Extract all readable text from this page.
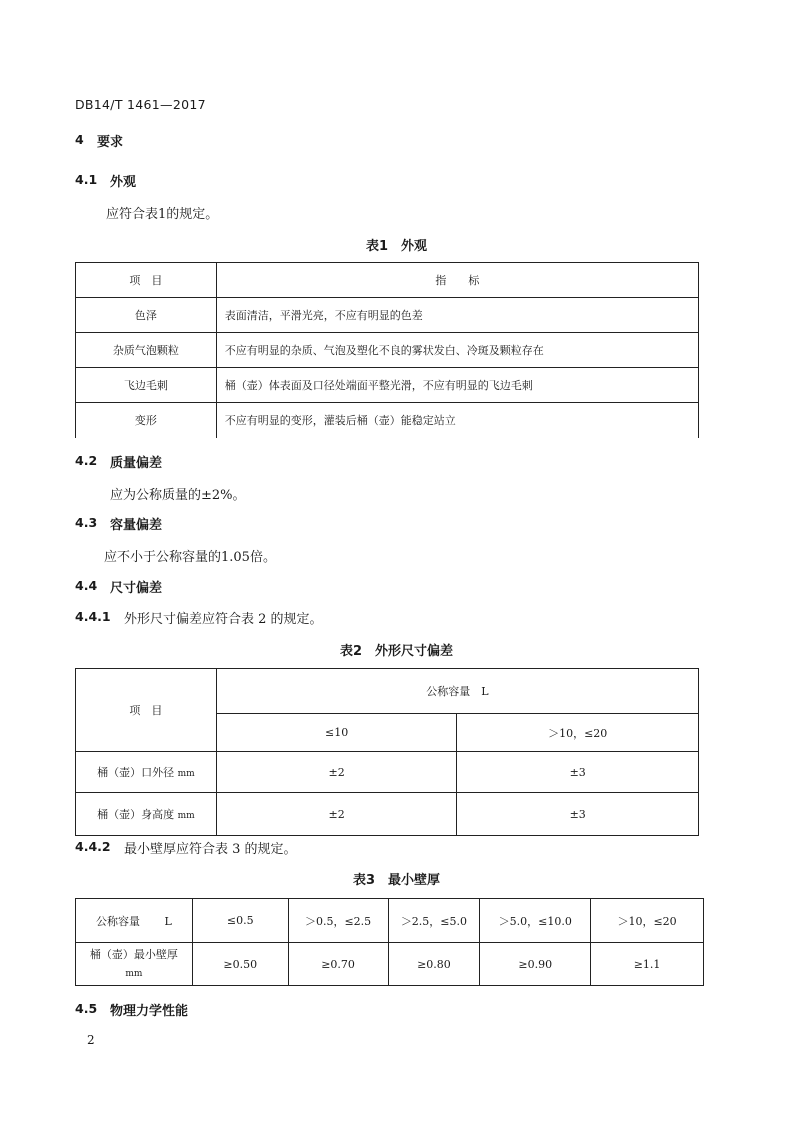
DB14/T 1461—2017
4 要求
4.1 外观
应符合表1的规定。
表1　外观
项　目	指　　标
色泽	表面清洁，平滑光亮，不应有明显的色差
杂质气泡颗粒	不应有明显的杂质、气泡及塑化不良的雾状发白、冷斑及颗粒存在
飞边毛刺	桶（壶）体表面及口径处端面平整光滑，不应有明显的飞边毛刺
变形	不应有明显的变形，灌装后桶（壶）能稳定站立
4.2 质量偏差
应为公称质量的±2%。
4.3 容量偏差
应不小于公称容量的1.05倍。
4.4 尺寸偏差
4.4.1 外形尺寸偏差应符合表 2 的规定。
表2　外形尺寸偏差
项　目	公称容量　L	
	≤10	＞10，≤20
桶（壶）口外径 mm	±2	±3
桶（壶）身高度 mm	±2	±3
4.4.2 最小壁厚应符合表 3 的规定。
表3　最小壁厚
公称容量 L	≤0.5	＞0.5，≤2.5	＞2.5，≤5.0	＞5.0，≤10.0	＞10，≤20
桶（壶）最小壁厚
mm	≥0.50	≥0.70	≥0.80	≥0.90	≥1.1
4.5 物理力学性能
2
